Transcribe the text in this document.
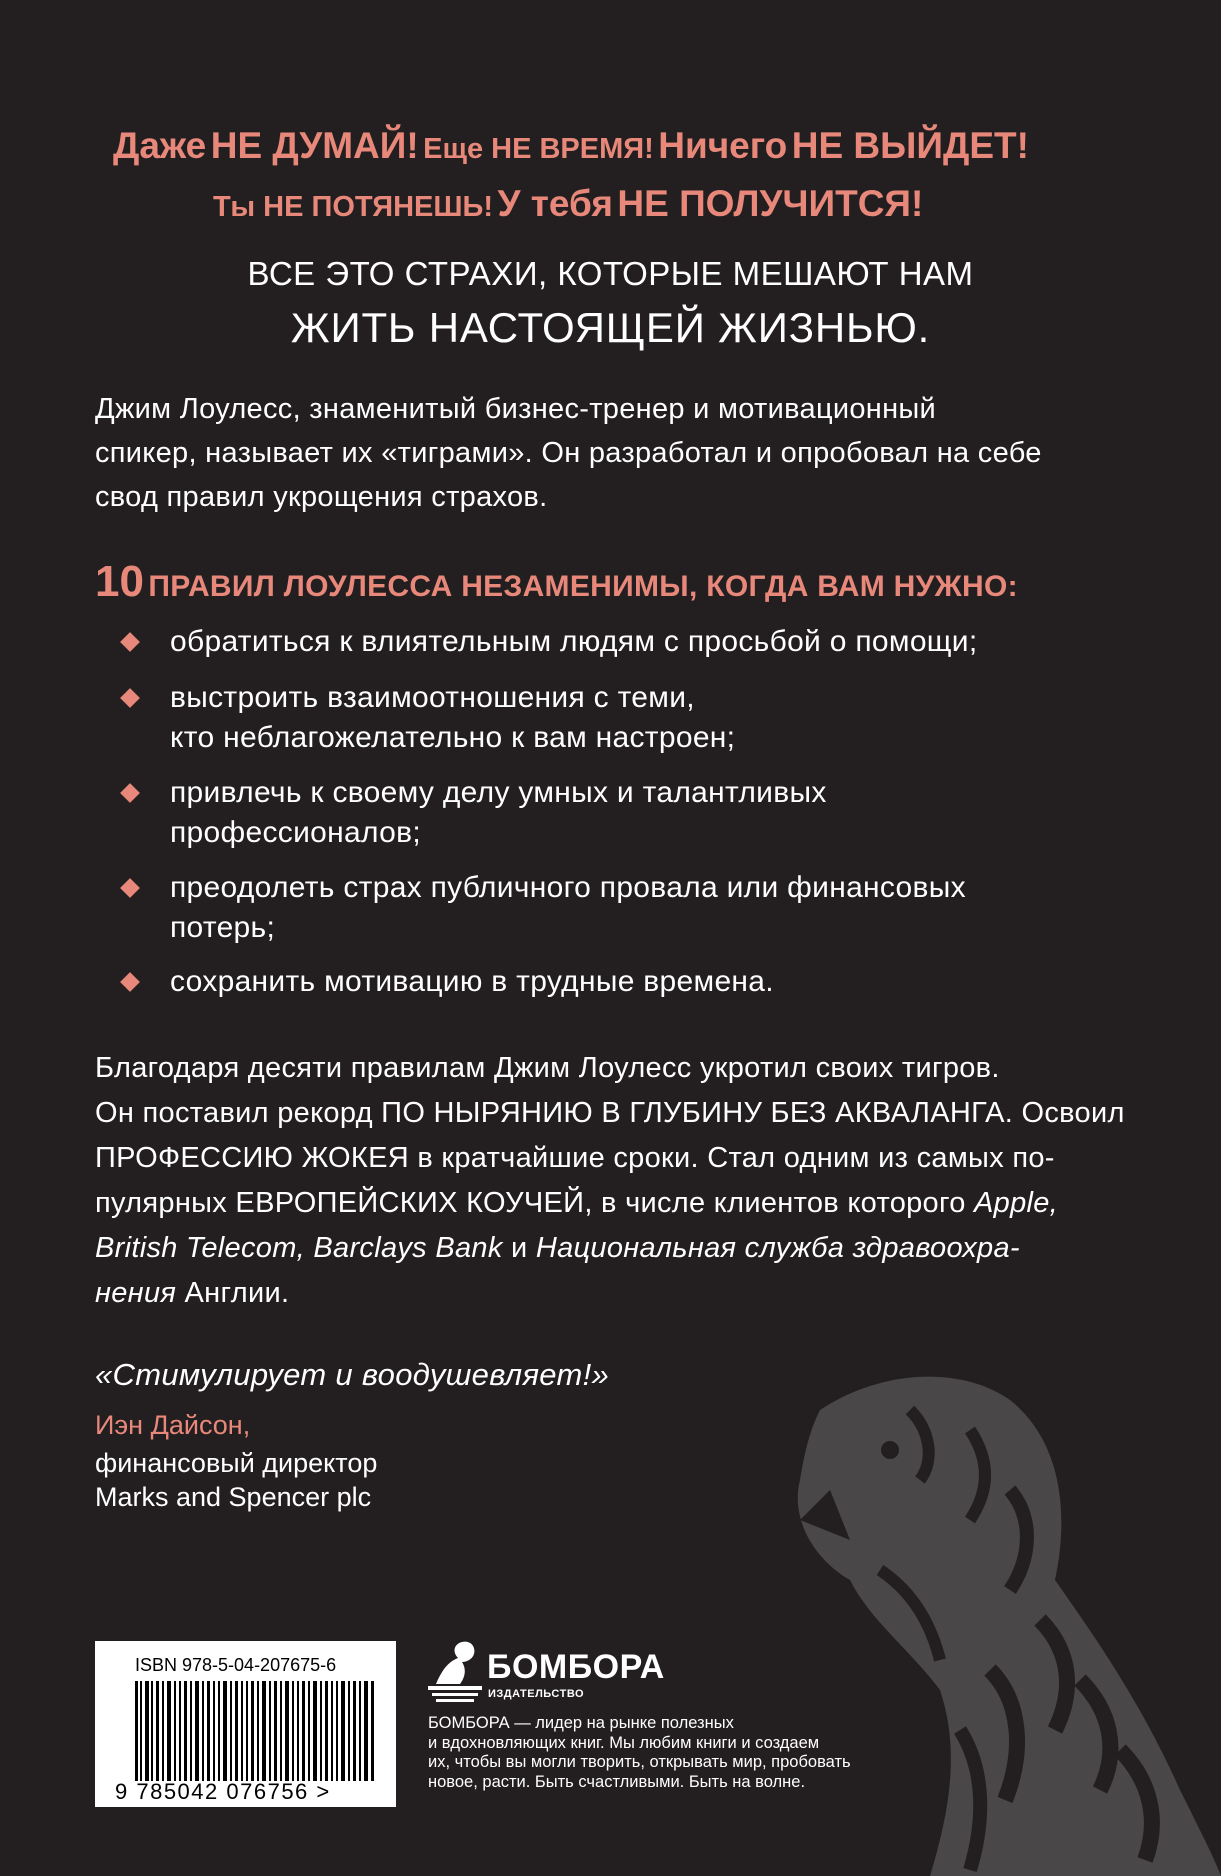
Даже НЕ ДУМАЙ! Еще НЕ ВРЕМЯ! Ничего НЕ ВЫЙДЕТ!
Ты НЕ ПОТЯНЕШЬ! У тебя НЕ ПОЛУЧИТСЯ!
ВСЕ ЭТО СТРАХИ, КОТОРЫЕ МЕШАЮТ НАМ
ЖИТЬ НАСТОЯЩЕЙ ЖИЗНЬЮ.
Джим Лоулесс, знаменитый бизнес-тренер и мотивационный
спикер, называет их «тиграми». Он разработал и опробовал на себе
свод правил укрощения страхов.
10 ПРАВИЛ ЛОУЛЕССА НЕЗАМЕНИМЫ, КОГДА ВАМ НУЖНО:
обратиться к влиятельным людям с просьбой о помощи;
выстроить взаимоотношения с теми,
кто неблагожелательно к вам настроен;
привлечь к своему делу умных и талантливых
профессионалов;
преодолеть страх публичного провала или финансовых
потерь;
сохранить мотивацию в трудные времена.
Благодаря десяти правилам Джим Лоулесс укротил своих тигров.
Он поставил рекорд ПО НЫРЯНИЮ В ГЛУБИНУ БЕЗ АКВАЛАНГА. Освоил
ПРОФЕССИЮ ЖОКЕЯ в кратчайшие сроки. Стал одним из самых по-
пулярных ЕВРОПЕЙСКИХ КОУЧЕЙ, в числе клиентов которого Apple,
British Telecom, Barclays Bank и Национальная служба здравоохра-
нения Англии.
«Стимулирует и воодушевляет!»
Иэн Дайсон,
финансовый директор
Marks and Spencer plc
ISBN 978-5-04-207675-6
9 785042 076756 >
БОМБОРА
ИЗДАТЕЛЬСТВО
БОМБОРА — лидер на рынке полезных
и вдохновляющих книг. Мы любим книги и создаем
их, чтобы вы могли творить, открывать мир, пробовать
новое, расти. Быть счастливыми. Быть на волне.
